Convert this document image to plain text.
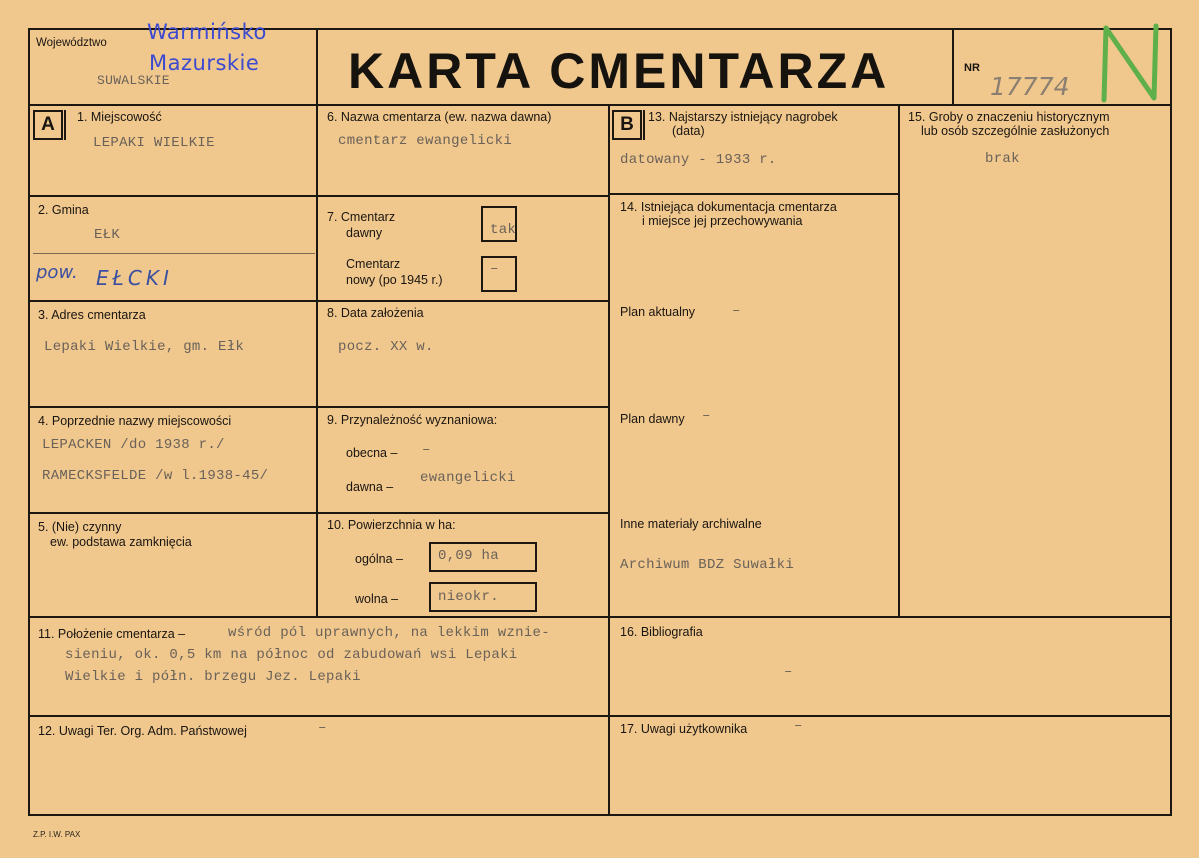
Województwo Warmińsko
Mazurskie
SUWALSKIE	KARTA CMENTARZA	NR
17774
A	1. Miejscowość
LEPAKI WIELKIE
2. Gmina
EŁK
pow. EŁCKI
3. Adres cmentarza
Lepaki Wielkie, gm. Ełk
4. Poprzednie nazwy miejscowości
LEPACKEN /do 1938 r./
RAMECKSFELDE /w l.1938-45/
5. (Nie) czynny
ew. podstawa zamknięcia
6. Nazwa cmentarza (ew. nazwa dawna)
cmentarz ewangelicki
7. Cmentarz
dawny	tak
Cmentarz
nowy (po 1945 r.)
–
8. Data założenia
pocz. XX w.
9. Przynależność wyznaniowa:
obecna – –
dawna –
ewangelicki
10. Powierzchnia w ha:
ogólna –	0,09 ha
wolna –	nieokr.
11. Położenie cmentarza –	wśród pól uprawnych, na lekkim wznie-
sieniu, ok. 0,5 km na północ od zabudowań wsi Lepaki
Wielkie i półn. brzegu Jez. Lepaki
12. Uwagi Ter. Org. Adm. Państwowej	–
B	13. Najstarszy istniejący nagrobek
(data)
datowany - 1933 r.
14. Istniejąca dokumentacja cmentarza
i miejsce jej przechowywania
Plan aktualny	–
Plan dawny –
Inne materiały archiwalne
Archiwum BDZ Suwałki
15. Groby o znaczeniu historycznym
lub osób szczególnie zasłużonych
brak
16. Bibliografia
–
17. Uwagi użytkownika	–
Z.P. I.W. PAX
